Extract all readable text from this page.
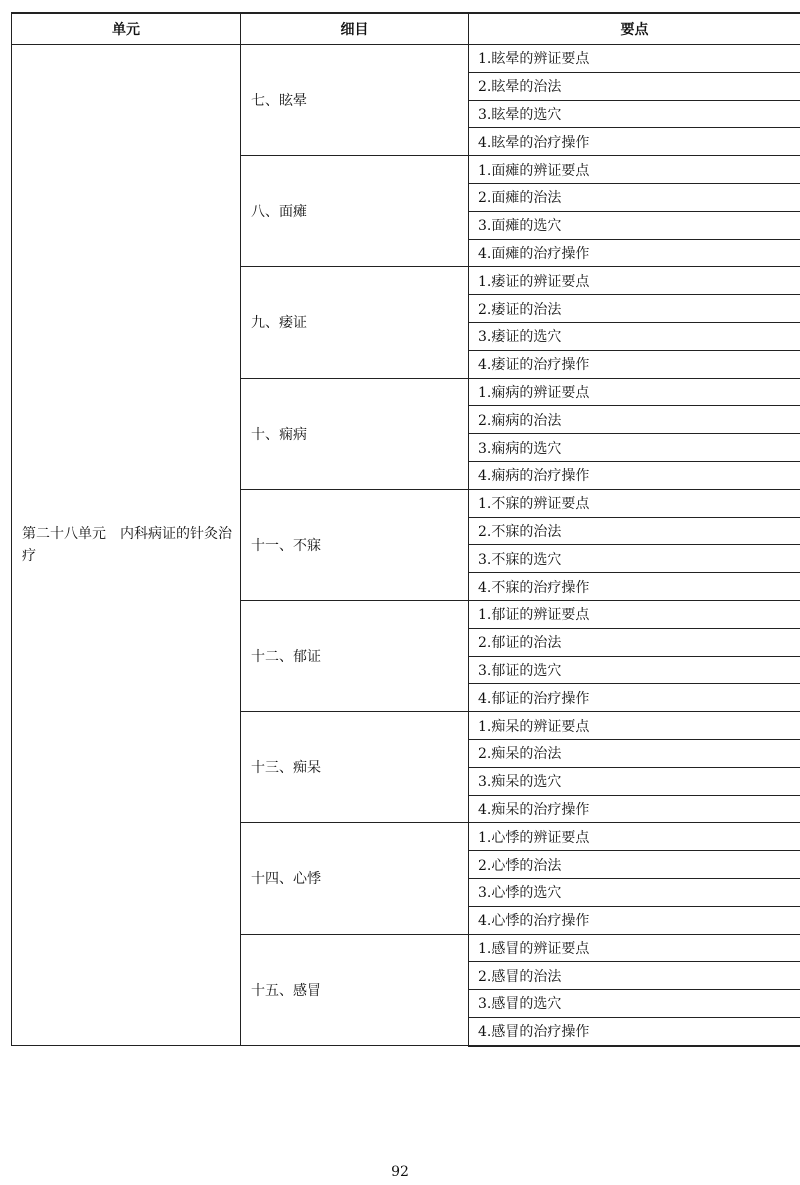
单元	细目	要点
第二十八单元　内科病证的针灸治疗	七、眩晕	1.眩晕的辨证要点
		2.眩晕的治法
		3.眩晕的选穴
		4.眩晕的治疗操作
	八、面瘫	1.面瘫的辨证要点
		2.面瘫的治法
		3.面瘫的选穴
		4.面瘫的治疗操作
	九、痿证	1.痿证的辨证要点
		2.痿证的治法
		3.痿证的选穴
		4.痿证的治疗操作
	十、痫病	1.痫病的辨证要点
		2.痫病的治法
		3.痫病的选穴
		4.痫病的治疗操作
	十一、不寐	1.不寐的辨证要点
		2.不寐的治法
		3.不寐的选穴
		4.不寐的治疗操作
	十二、郁证	1.郁证的辨证要点
		2.郁证的治法
		3.郁证的选穴
		4.郁证的治疗操作
	十三、痴呆	1.痴呆的辨证要点
		2.痴呆的治法
		3.痴呆的选穴
		4.痴呆的治疗操作
	十四、心悸	1.心悸的辨证要点
		2.心悸的治法
		3.心悸的选穴
		4.心悸的治疗操作
	十五、感冒	1.感冒的辨证要点
		2.感冒的治法
		3.感冒的选穴
		4.感冒的治疗操作
92
